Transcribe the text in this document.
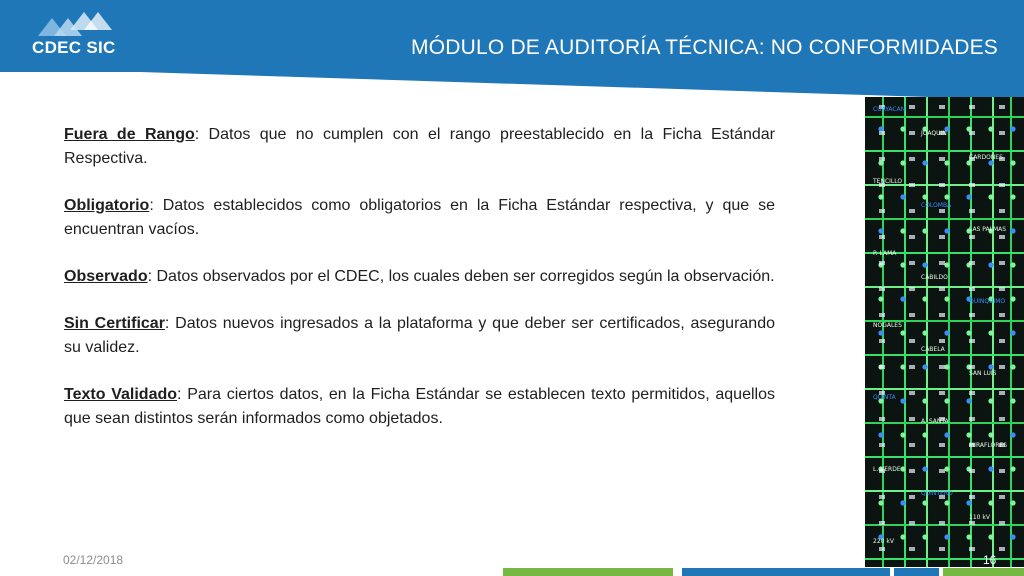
CDEC SIC	MÓDULO DE AUDITORÍA TÉCNICA: NO CONFORMIDADES

Fuera de Rango: Datos que no cumplen con el rango preestablecido en la Ficha Estándar Respectiva.

Obligatorio: Datos establecidos como obligatorios en la Ficha Estándar respectiva, y que se encuentran vacíos.

Observado: Datos observados por el CDEC, los cuales deben ser corregidos según la observación.

Sin Certificar: Datos nuevos ingresados a la plataforma y que deber ser certificados, asegurando su validez.

Texto Validado: Para ciertos datos, en la Ficha Estándar se establecen texto permitidos, aquellos que sean distintos serán informados como objetados.

CUAYACAN
JOAQUIN
CARDONES
TENCILLO
COLOMBA
LAS PALMAS
P. LAMA
CABILDO
QUINQUIMO
NOGALES
CABELA
SAN LUIS
QUINTA
A. SANTA
MIRAFLORES
L. VERDE
QUINTERO
110 kV
220 kV
02/12/2018	16
